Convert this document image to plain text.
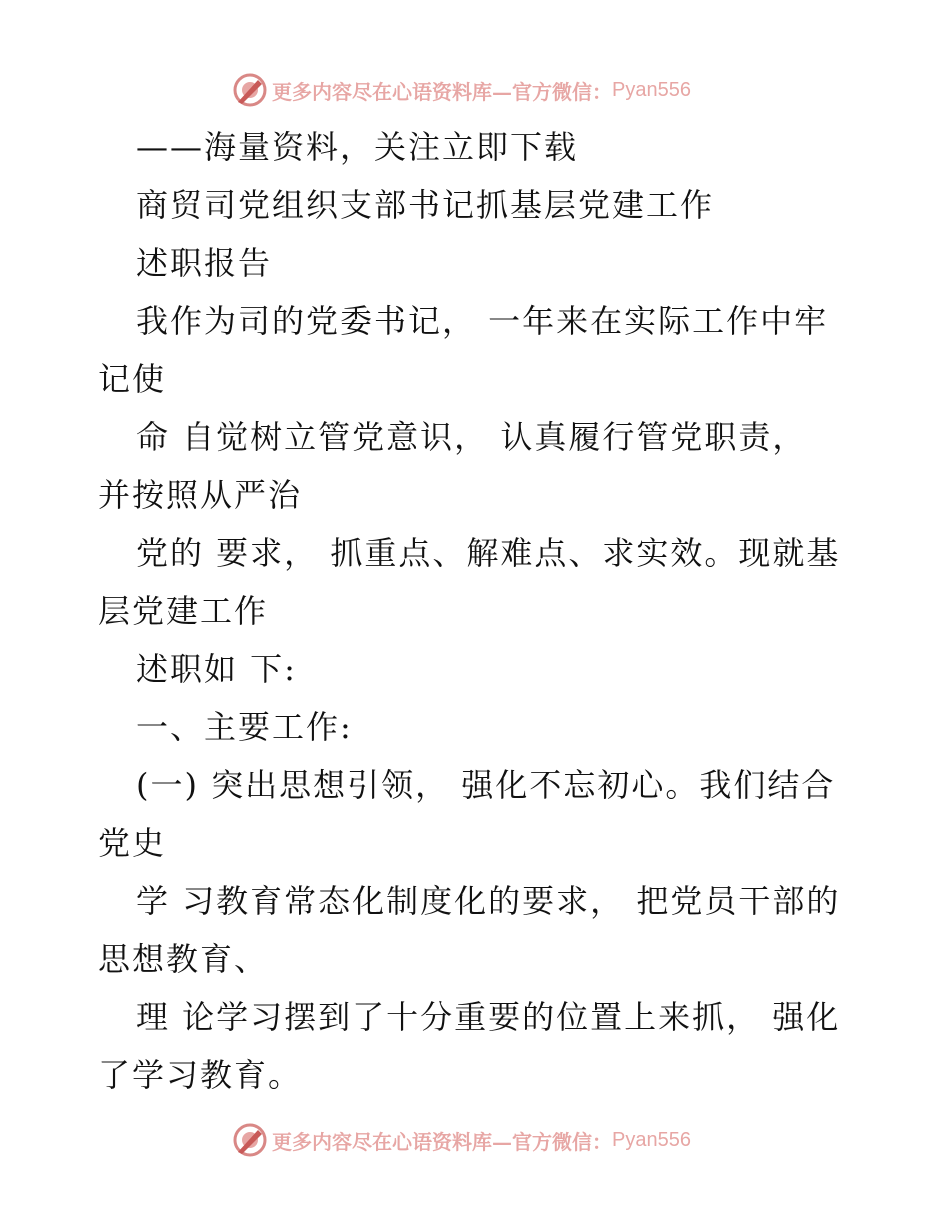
更多内容尽在心语资料库—官方微信： Pyan556
——海量资料，关注立即下载
商贸司党组织支部书记抓基层党建工作
述职报告
我作为司的党委书记， 一年来在实际工作中牢
记使
命 自觉树立管党意识， 认真履行管党职责，
并按照从严治
党的 要求， 抓重点、解难点、求实效。现就基
层党建工作
述职如 下:
一、主要工作:
(一) 突出思想引领， 强化不忘初心。我们结合
党史
学 习教育常态化制度化的要求， 把党员干部的
思想教育、
理 论学习摆到了十分重要的位置上来抓， 强化
了学习教育。
更多内容尽在心语资料库—官方微信： Pyan556
